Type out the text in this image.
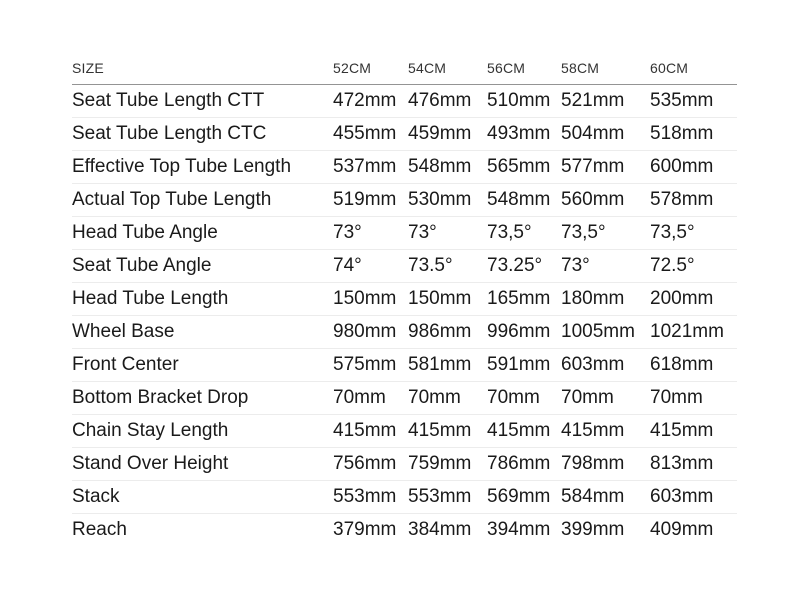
SIZE	52CM	54CM	56CM	58CM	60CM
Seat Tube Length CTT	472mm	476mm	510mm	521mm	535mm
Seat Tube Length CTC	455mm	459mm	493mm	504mm	518mm
Effective Top Tube Length	537mm	548mm	565mm	577mm	600mm
Actual Top Tube Length	519mm	530mm	548mm	560mm	578mm
Head Tube Angle	73°	73°	73,5°	73,5°	73,5°
Seat Tube Angle	74°	73.5°	73.25°	73°	72.5°
Head Tube Length	150mm	150mm	165mm	180mm	200mm
Wheel Base	980mm	986mm	996mm	1005mm	1021mm
Front Center	575mm	581mm	591mm	603mm	618mm
Bottom Bracket Drop	70mm	70mm	70mm	70mm	70mm
Chain Stay Length	415mm	415mm	415mm	415mm	415mm
Stand Over Height	756mm	759mm	786mm	798mm	813mm
Stack	553mm	553mm	569mm	584mm	603mm
Reach	379mm	384mm	394mm	399mm	409mm
